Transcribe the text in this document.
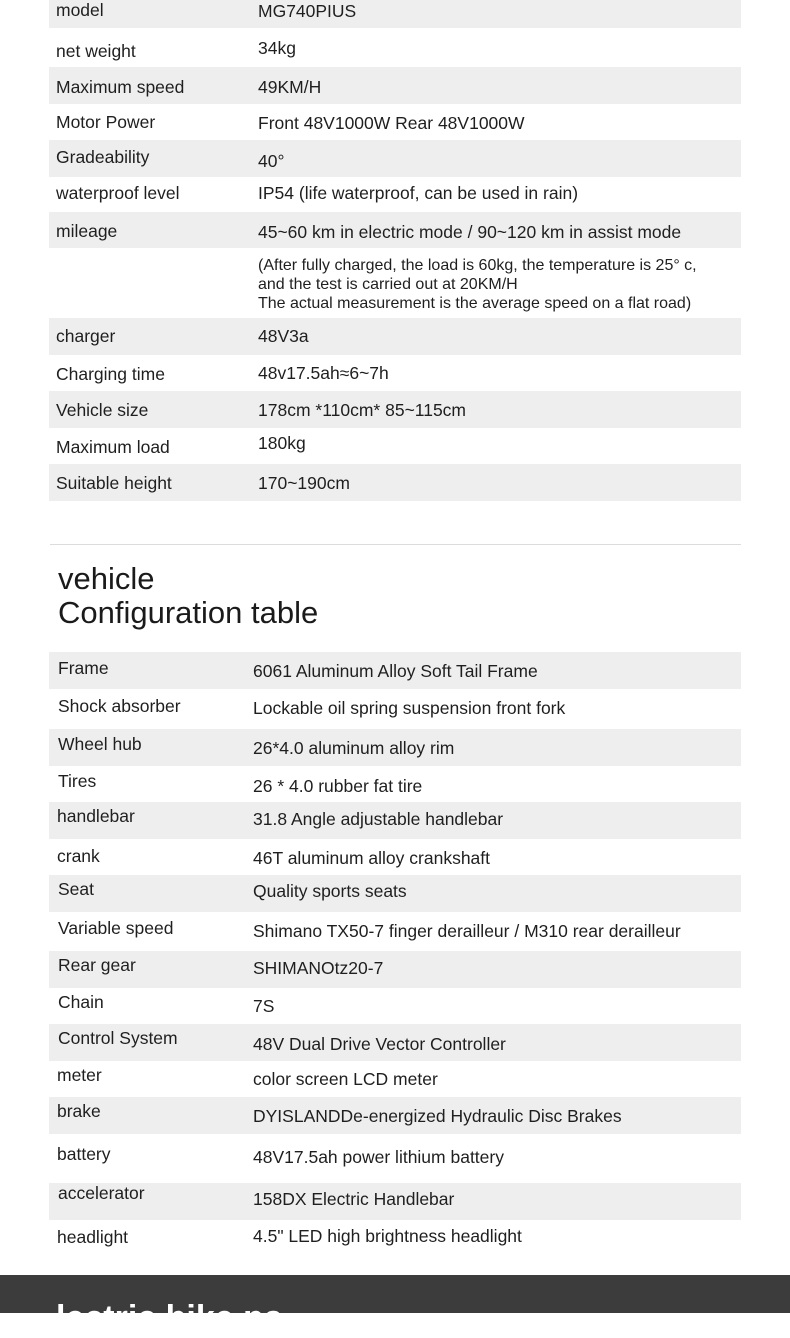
model	MG740PIUS
net weight	34kg
Maximum speed	49KM/H
Motor Power	Front 48V1000W Rear 48V1000W
Gradeability	40°
waterproof level	IP54 (life waterproof, can be used in rain)
mileage	45~60 km in electric mode / 90~120 km in assist mode
(After fully charged, the load is 60kg, the temperature is 25° c,
and the test is carried out at 20KM/H
The actual measurement is the average speed on a flat road)
charger	48V3a
Charging time	48v17.5ah≈6~7h
Vehicle size	178cm *110cm* 85~115cm
Maximum load	180kg
Suitable height	170~190cm
vehicle
Configuration table
Frame	6061 Aluminum Alloy Soft Tail Frame
Shock absorber	Lockable oil spring suspension front fork
Wheel hub	26*4.0 aluminum alloy rim
Tires	26 * 4.0 rubber fat tire
handlebar	31.8 Angle adjustable handlebar
crank	46T aluminum alloy crankshaft
Seat	Quality sports seats
Variable speed	Shimano TX50-7 finger derailleur / M310 rear derailleur
Rear gear	SHIMANOtz20-7
Chain	7S
Control System	48V Dual Drive Vector Controller
meter	color screen LCD meter
brake	DYISLANDDe-energized Hydraulic Disc Brakes
battery	48V17.5ah power lithium battery
accelerator	158DX Electric Handlebar
headlight	4.5" LED high brightness headlight
lectric bike pa
